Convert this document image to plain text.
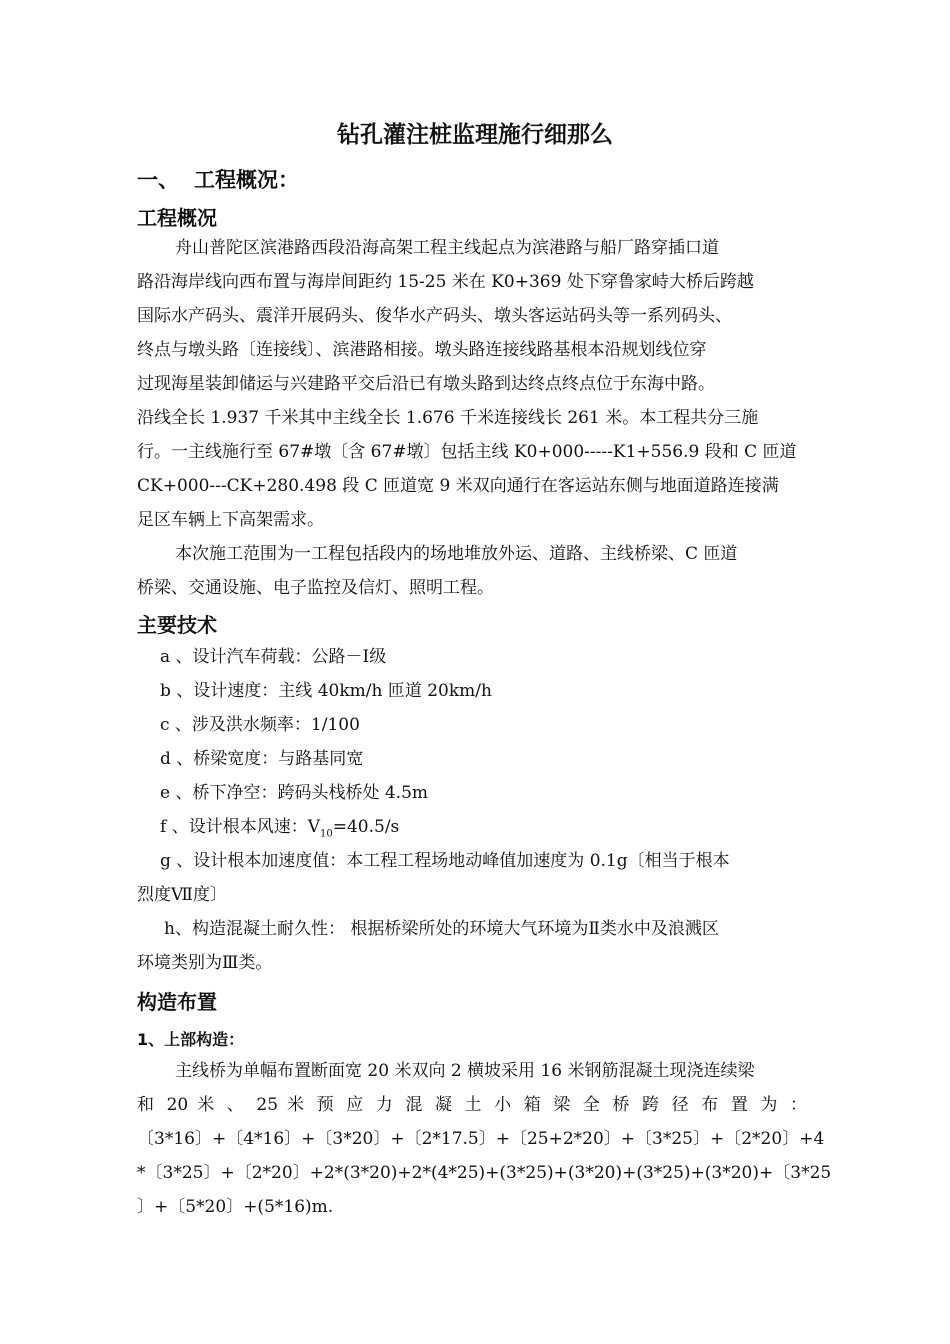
钻孔灌注桩监理施行细那么
一、 工程概况：
工程概况
舟山普陀区滨港路西段沿海高架工程主线起点为滨港路与船厂路穿插口道
路沿海岸线向西布置与海岸间距约 15-25 米在 K0+369 处下穿鲁家峙大桥后跨越
国际水产码头、震洋开展码头、俊华水产码头、墩头客运站码头等一系列码头、
终点与墩头路〔连接线〕、滨港路相接。墩头路连接线路基根本沿规划线位穿
过现海星装卸储运与兴建路平交后沿已有墩头路到达终点终点位于东海中路。
沿线全长 1.937 千米其中主线全长 1.676 千米连接线长 261 米。本工程共分三施
行。一主线施行至 67#墩〔含 67#墩〕包括主线 K0+000-----K1+556.9 段和 C 匝道
CK+000---CK+280.498 段 C 匝道宽 9 米双向通行在客运站东侧与地面道路连接满
足区车辆上下高架需求。
本次施工范围为一工程包括段内的场地堆放外运、道路、主线桥梁、C 匝道
桥梁、交通设施、电子监控及信灯、照明工程。
主要技术
a 、设计汽车荷载：公路－Ⅰ级
b 、设计速度：主线 40km/h 匝道 20km/h
c 、涉及洪水频率：1/100
d 、桥梁宽度：与路基同宽
e 、桥下净空：跨码头栈桥处 4.5m
f 、设计根本风速：$V_{10}=40.5/s$
g 、设计根本加速度值：本工程工程场地动峰值加速度为 0.1g〔相当于根本
烈度Ⅶ度〕
h、构造混凝土耐久性： 根据桥梁所处的环境大气环境为Ⅱ类水中及浪溅区
环境类别为Ⅲ类。
构造布置
1、上部构造：
主线桥为单幅布置断面宽 20 米双向 2 横坡采用 16 米钢筋混凝土现浇连续梁
和 20 米 、 25 米 预 应 力 混 凝 土 小 箱 梁 全 桥 跨 径 布 置 为 ：
〔3*16〕+〔4*16〕+〔3*20〕+〔2*17.5〕+〔25+2*20〕+〔3*25〕+〔2*20〕+4
*〔3*25〕+〔2*20〕+2*(3*20)+2*(4*25)+(3*25)+(3*20)+(3*25)+(3*20)+〔3*25
〕+〔5*20〕+(5*16)m.
